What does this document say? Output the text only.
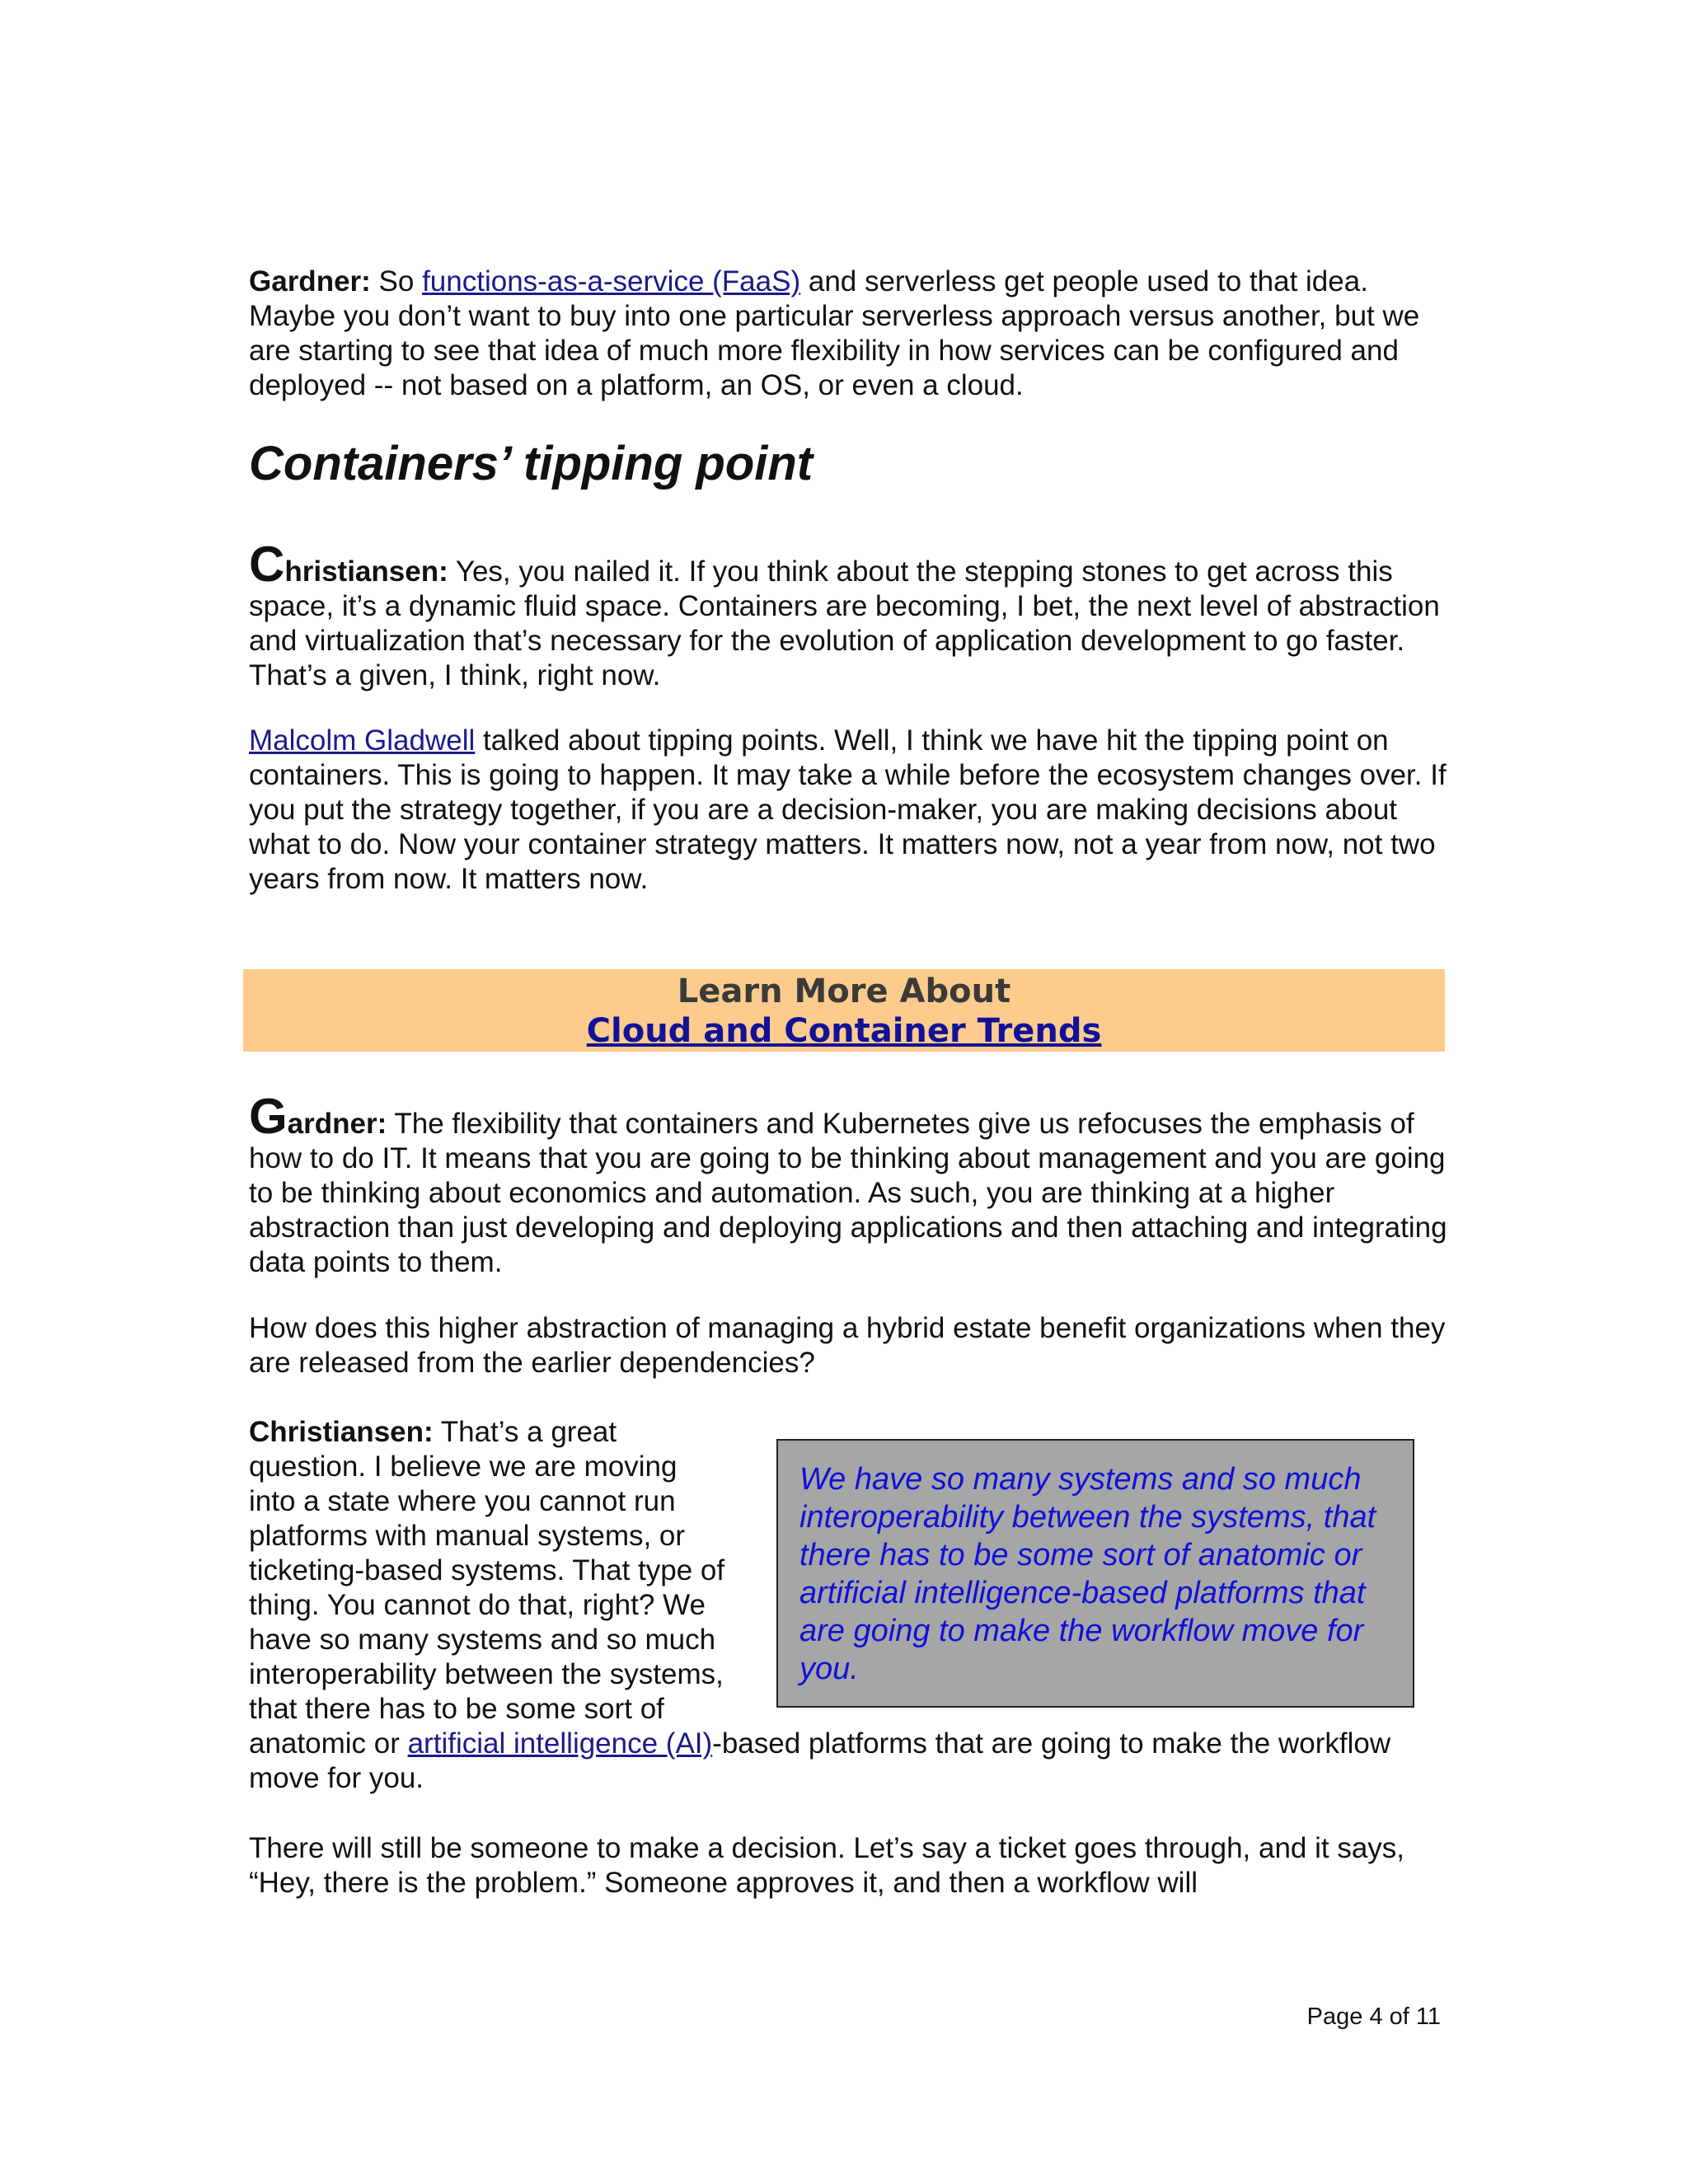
Gardner: So functions-as-a-service (FaaS) and serverless get people used to that idea. Maybe you don’t want to buy into one particular serverless approach versus another, but we are starting to see that idea of much more flexibility in how services can be configured and deployed -- not based on a platform, an OS, or even a cloud.

Containers’ tipping point

Christiansen: Yes, you nailed it. If you think about the stepping stones to get across this space, it’s a dynamic fluid space. Containers are becoming, I bet, the next level of abstraction and virtualization that’s necessary for the evolution of application development to go faster. That’s a given, I think, right now.

Malcolm Gladwell talked about tipping points. Well, I think we have hit the tipping point on containers. This is going to happen. It may take a while before the ecosystem changes over. If you put the strategy together, if you are a decision-maker, you are making decisions about what to do. Now your container strategy matters. It matters now, not a year from now, not two years from now. It matters now.

Learn More About
Cloud and Container Trends

Gardner: The flexibility that containers and Kubernetes give us refocuses the emphasis of how to do IT. It means that you are going to be thinking about management and you are going to be thinking about economics and automation. As such, you are thinking at a higher abstraction than just developing and deploying applications and then attaching and integrating data points to them.

How does this higher abstraction of managing a hybrid estate benefit organizations when they are released from the earlier dependencies?

Christiansen: That’s a great
question. I believe we are moving
into a state where you cannot run
platforms with manual systems, or
ticketing-based systems. That type of
thing. You cannot do that, right? We
have so many systems and so much
interoperability between the systems,
that there has to be some sort of
anatomic or artificial intelligence (AI)-based platforms that are going to make the workflow move for you.
We have so many systems and so much interoperability between the systems, that there has to be some sort of anatomic or artificial intelligence-based platforms that are going to make the workflow move for you.

There will still be someone to make a decision. Let’s say a ticket goes through, and it says, “Hey, there is the problem.” Someone approves it, and then a workflow will

Page 4 of 11
